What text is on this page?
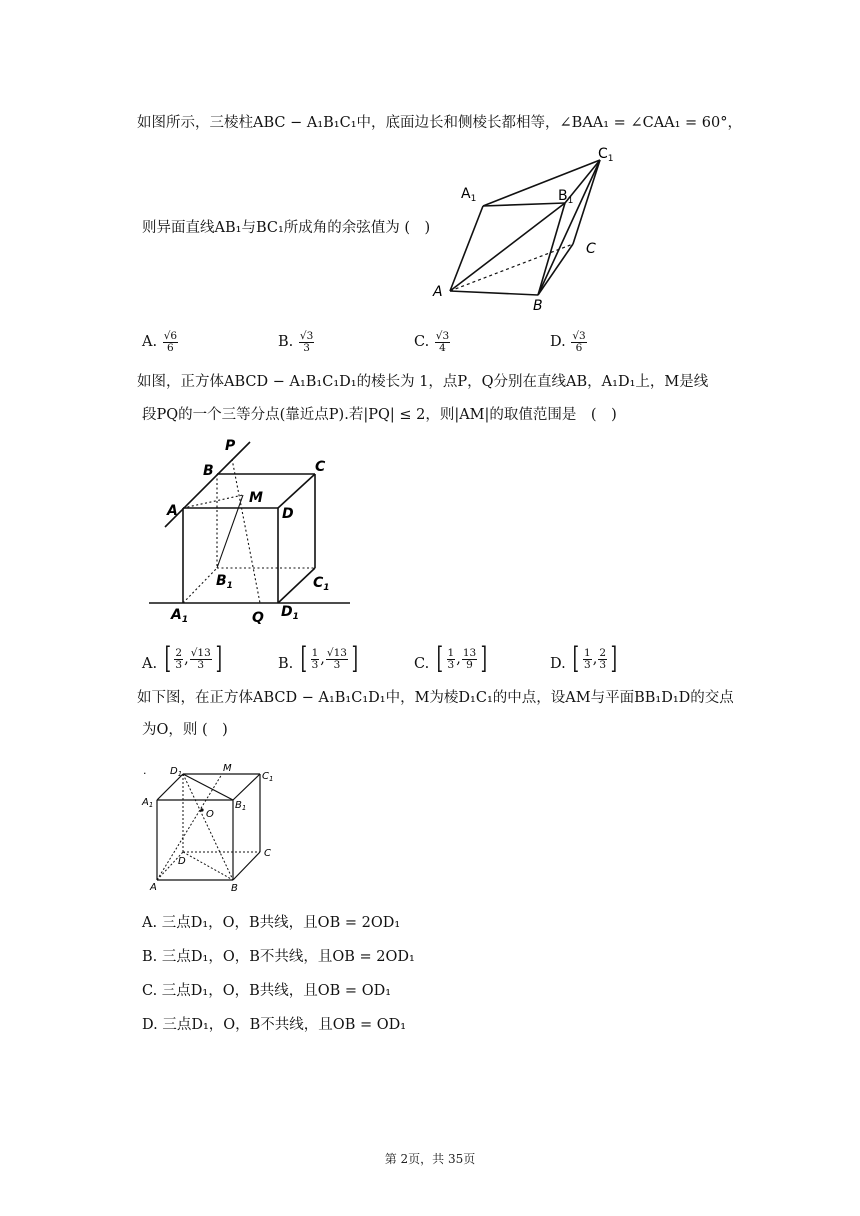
如图所示，三棱柱ABC − A₁B₁C₁中，底面边长和侧棱长都相等，∠BAA₁ = ∠CAA₁ = 60°，
则异面直线AB₁与BC₁所成角的余弦值为 (　)
$A_1$	$B_1$
$C_1$
A
B
C
A. $\frac{√6}{6}$	B. $\frac{√3}{3}$	C. $\frac{√3}{4}$	D. $\frac{√3}{6}$
如图，正方体ABCD − A₁B₁C₁D₁的棱长为 1，点P，Q分别在直线AB，A₁D₁上，M是线
段PQ的一个三等分点(靠近点P).若|PQ| ≤ 2，则|AM|的取值范围是　(　)
P
B	C
M
A	D
$B_1$	$C_1$
$A_1$	Q $D_1$
A. [ $\frac{2}{3}$ , $\frac{√13}{3}$ ]	B. [ $\frac{1}{3}$ , $\frac{√13}{3}$ ]	C. [ $\frac{1}{3}$ , $\frac{13}{9}$ ]	D. [ $\frac{1}{3}$ , $\frac{2}{3}$ ]
如下图，在正方体ABCD − A₁B₁C₁D₁中，M为棱D₁C₁的中点，设AM与平面BB₁D₁D的交点
为O，则 (　)
· $D_1$	M
$C_1$
$A_1$	$B_1$
O
D
C
A	B
A. 三点D₁，O，B共线，且OB = 2OD₁
B. 三点D₁，O，B不共线，且OB = 2OD₁
C. 三点D₁，O，B共线，且OB = OD₁
D. 三点D₁，O，B不共线，且OB = OD₁
第 2页，共 35页
